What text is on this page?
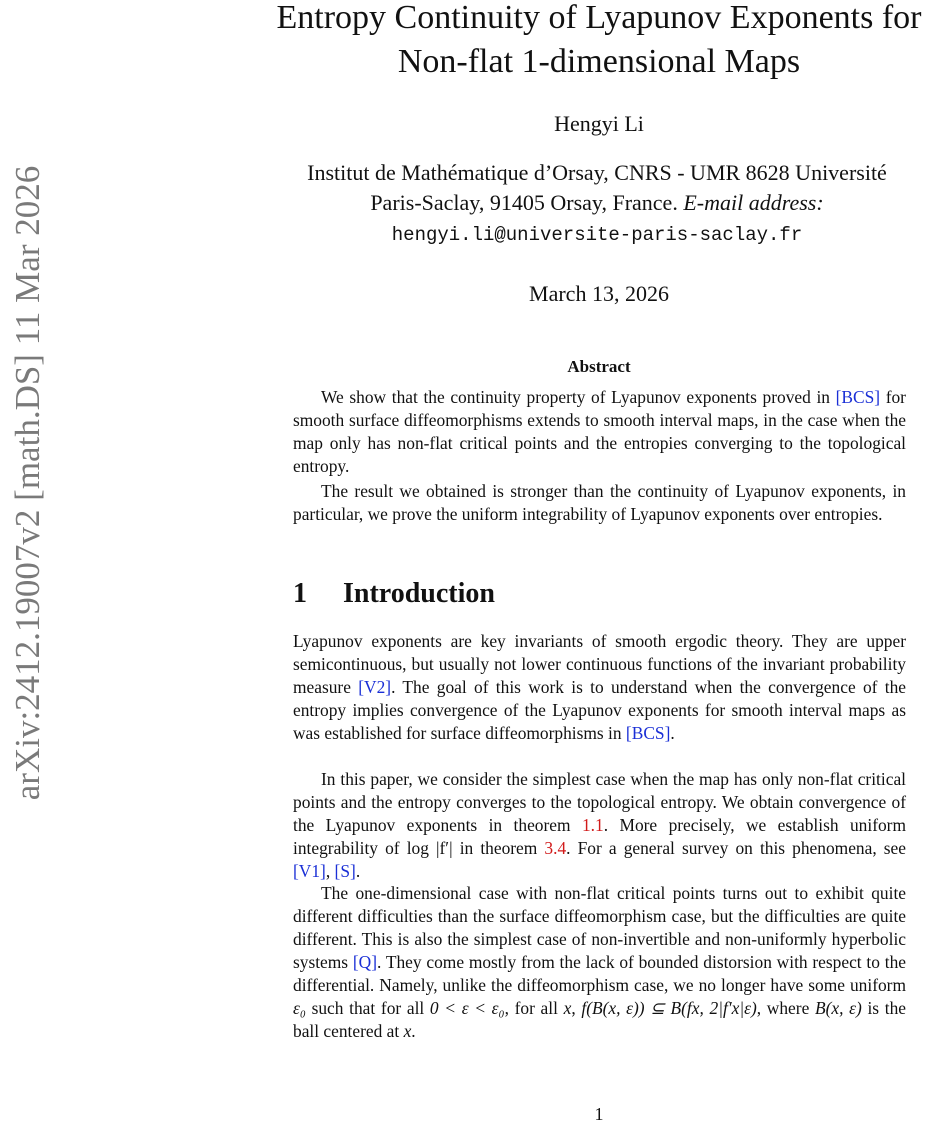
arXiv:2412.19007v2 [math.DS] 11 Mar 2026
Entropy Continuity of Lyapunov Exponents for
Non-flat 1-dimensional Maps
Hengyi Li
Institut de Mathématique d’Orsay, CNRS - UMR 8628 Université
Paris-Saclay, 91405 Orsay, France. E-mail address:
hengyi.li@universite-paris-saclay.fr
March 13, 2026
Abstract

We show that the continuity property of Lyapunov exponents proved in [BCS] for smooth surface diffeomorphisms extends to smooth interval maps, in the case when the map only has non-flat critical points and the entropies converging to the topological entropy.

The result we obtained is stronger than the continuity of Lyapunov exponents, in particular, we prove the uniform integrability of Lyapunov exponents over entropies.

1 Introduction

Lyapunov exponents are key invariants of smooth ergodic theory. They are upper semicontinuous, but usually not lower continuous functions of the invariant probability measure [V2]. The goal of this work is to understand when the convergence of the entropy implies convergence of the Lyapunov exponents for smooth interval maps as was established for surface diffeomorphisms in [BCS].

In this paper, we consider the simplest case when the map has only non-flat critical points and the entropy converges to the topological entropy. We obtain convergence of the Lyapunov exponents in theorem 1.1. More precisely, we establish uniform integrability of log |f′| in theorem 3.4. For a general survey on this phenomena, see [V1], [S].

The one-dimensional case with non-flat critical points turns out to exhibit quite different difficulties than the surface diffeomorphism case, but the difficulties are quite different. This is also the simplest case of non-invertible and non-uniformly hyperbolic systems [Q]. They come mostly from the lack of bounded distorsion with respect to the differential. Namely, unlike the diffeomorphism case, we no longer have some uniform ε₀ such that for all 0 < ε < ε₀, for all x, f(B(x, ε)) ⊆ B(fx, 2|f′x|ε), where B(x, ε) is the ball centered at x.

1
